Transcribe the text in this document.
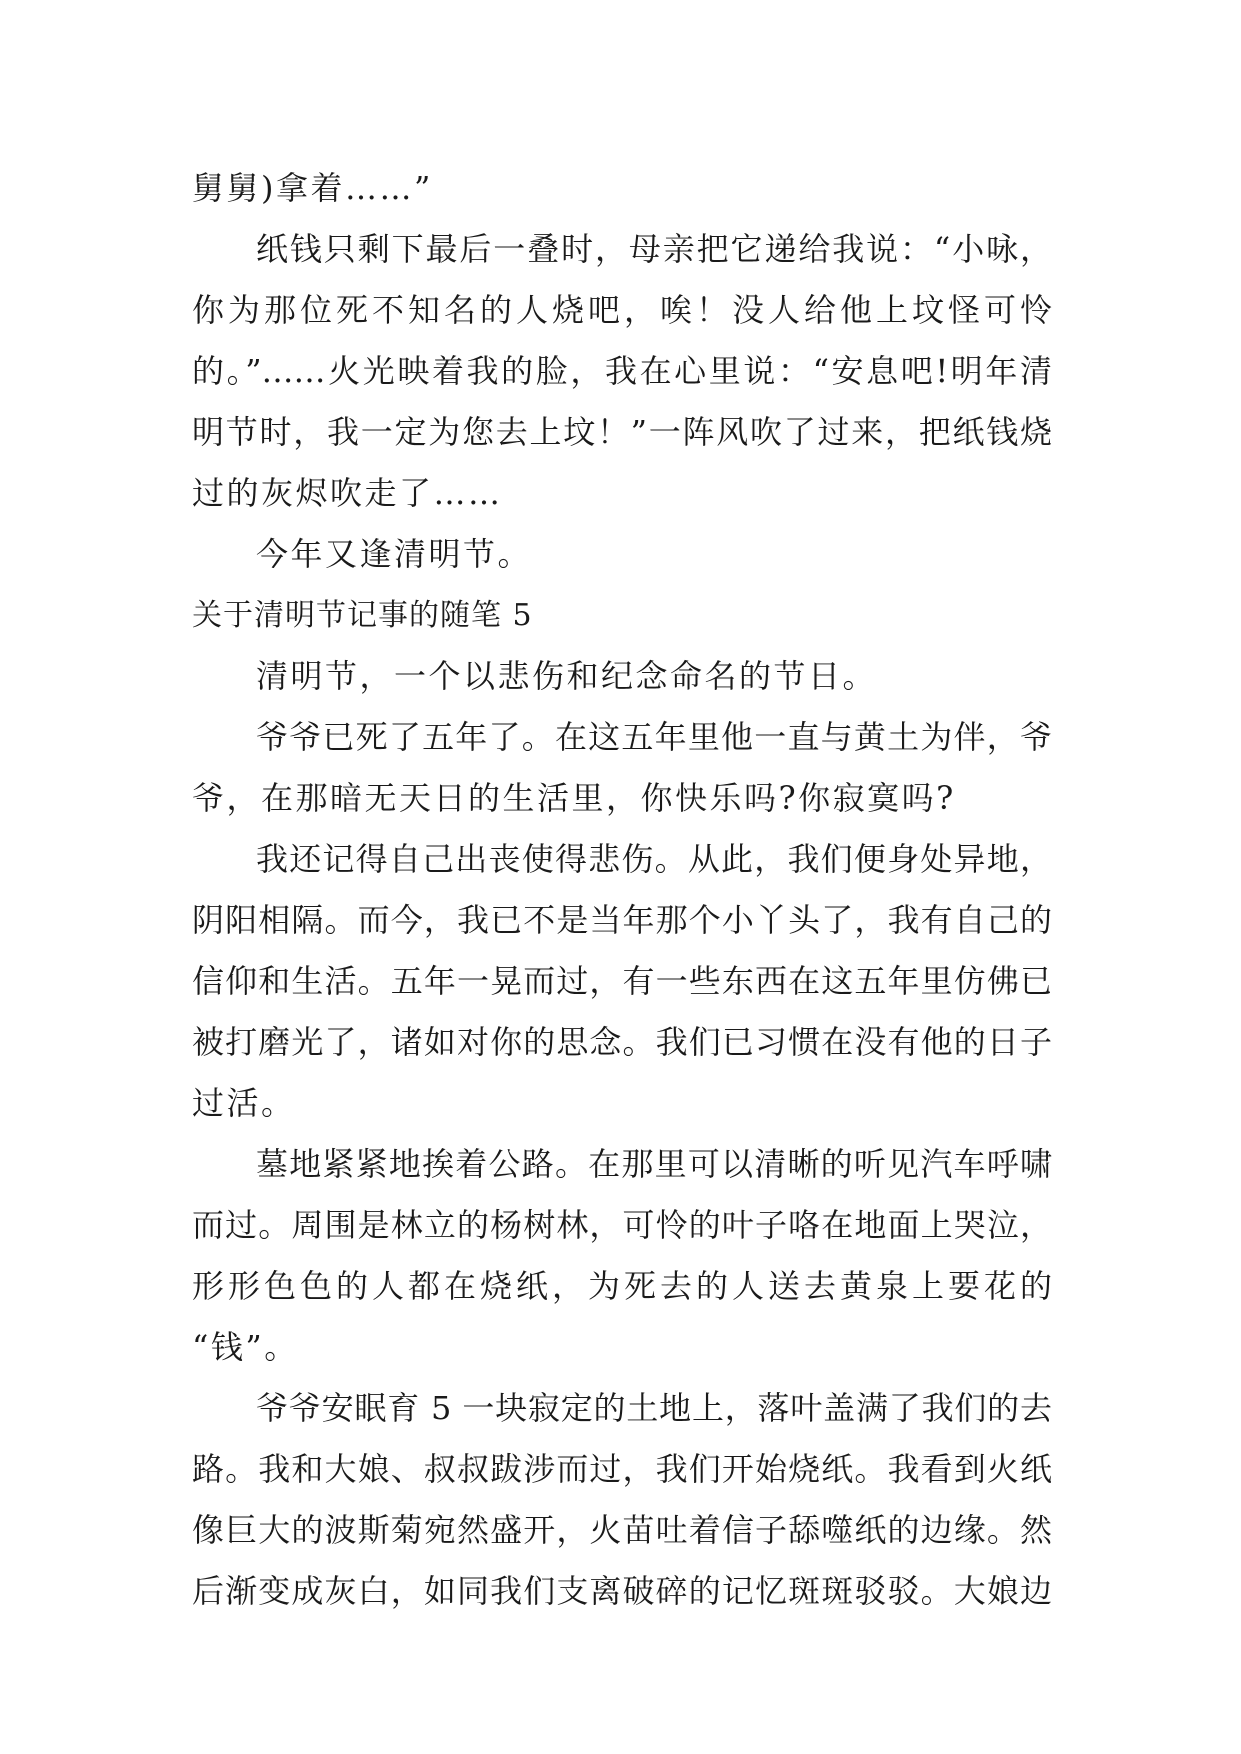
舅舅)拿着……”
纸钱只剩下最后一叠时，母亲把它递给我说：“小咏，
你为那位死不知名的人烧吧，唉！没人给他上坟怪可怜
的。”……火光映着我的脸，我在心里说：“安息吧!明年清
明节时，我一定为您去上坟！”一阵风吹了过来，把纸钱烧
过的灰烬吹走了……
今年又逢清明节。
关于清明节记事的随笔 5
清明节，一个以悲伤和纪念命名的节日。
爷爷已死了五年了。在这五年里他一直与黄土为伴，爷
爷，在那暗无天日的生活里，你快乐吗?你寂寞吗?
我还记得自己出丧使得悲伤。从此，我们便身处异地，
阴阳相隔。而今，我已不是当年那个小丫头了，我有自己的
信仰和生活。五年一晃而过，有一些东西在这五年里仿佛已
被打磨光了，诸如对你的思念。我们已习惯在没有他的日子
过活。
墓地紧紧地挨着公路。在那里可以清晰的听见汽车呼啸
而过。周围是林立的杨树林，可怜的叶子咯在地面上哭泣，
形形色色的人都在烧纸，为死去的人送去黄泉上要花的
“钱”。
爷爷安眠育 5 一块寂定的土地上，落叶盖满了我们的去
路。我和大娘、叔叔跋涉而过，我们开始烧纸。我看到火纸
像巨大的波斯菊宛然盛开，火苗吐着信子舔噬纸的边缘。然
后渐变成灰白，如同我们支离破碎的记忆斑斑驳驳。大娘边
